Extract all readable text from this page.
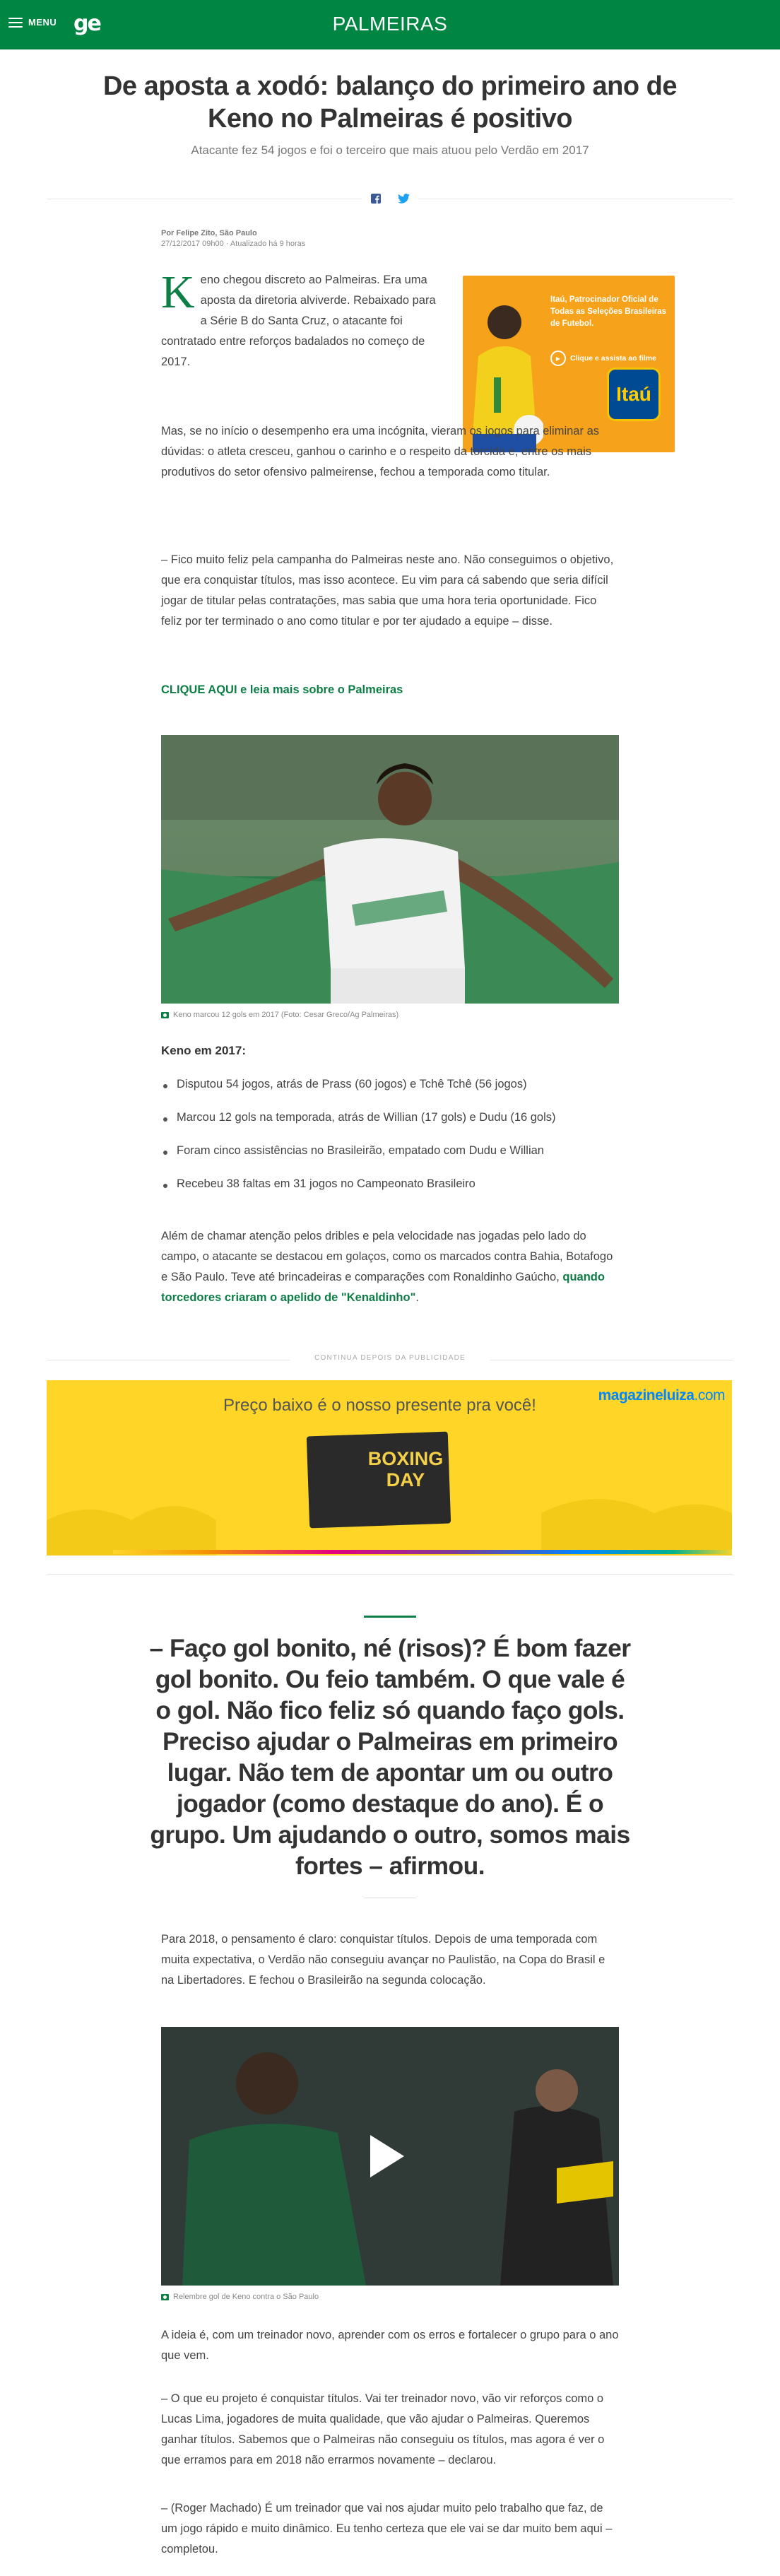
MENU ge	PALMEIRAS
De aposta a xodó: balanço do primeiro ano de Keno no Palmeiras é positivo
Atacante fez 54 jogos e foi o terceiro que mais atuou pelo Verdão em 2017
Por Felipe Zito, São Paulo
27/12/2017 09h00 · Atualizado há 9 horas
Keno chegou discreto ao Palmeiras. Era uma aposta da diretoria alviverde. Rebaixado para a Série B do Santa Cruz, o atacante foi contratado entre reforços badalados no começo de 2017.
Itaú, Patrocinador Oficial de Todas as Seleções Brasileiras de Futebol.
▶	Clique e assista ao filme
Itaú
Mas, se no início o desempenho era uma incógnita, vieram os jogos para eliminar as dúvidas: o atleta cresceu, ganhou o carinho e o respeito da torcida e, entre os mais produtivos do setor ofensivo palmeirense, fechou a temporada como titular.
– Fico muito feliz pela campanha do Palmeiras neste ano. Não conseguimos o objetivo, que era conquistar títulos, mas isso acontece. Eu vim para cá sabendo que seria difícil jogar de titular pelas contratações, mas sabia que uma hora teria oportunidade. Fico feliz por ter terminado o ano como titular e por ter ajudado a equipe – disse.
CLIQUE AQUI e leia mais sobre o Palmeiras
Keno marcou 12 gols em 2017 (Foto: Cesar Greco/Ag Palmeiras)
Keno em 2017:
Disputou 54 jogos, atrás de Prass (60 jogos) e Tchê Tchê (56 jogos)
Marcou 12 gols na temporada, atrás de Willian (17 gols) e Dudu (16 gols)
Foram cinco assistências no Brasileirão, empatado com Dudu e Willian
Recebeu 38 faltas em 31 jogos no Campeonato Brasileiro
Além de chamar atenção pelos dribles e pela velocidade nas jogadas pelo lado do campo, o atacante se destacou em golaços, como os marcados contra Bahia, Botafogo e São Paulo. Teve até brincadeiras e comparações com Ronaldinho Gaúcho, quando torcedores criaram o apelido de "Kenaldinho".
CONTINUA DEPOIS DA PUBLICIDADE
Preço baixo é o nosso presente pra você!
magazineluiza.com
BOXING DAY
– Faço gol bonito, né (risos)? É bom fazer gol bonito. Ou feio também. O que vale é o gol. Não fico feliz só quando faço gols. Preciso ajudar o Palmeiras em primeiro lugar. Não tem de apontar um ou outro jogador (como destaque do ano). É o grupo. Um ajudando o outro, somos mais fortes – afirmou.
Para 2018, o pensamento é claro: conquistar títulos. Depois de uma temporada com muita expectativa, o Verdão não conseguiu avançar no Paulistão, na Copa do Brasil e na Libertadores. E fechou o Brasileirão na segunda colocação.
Relembre gol de Keno contra o São Paulo
A ideia é, com um treinador novo, aprender com os erros e fortalecer o grupo para o ano que vem.
– O que eu projeto é conquistar títulos. Vai ter treinador novo, vão vir reforços como o Lucas Lima, jogadores de muita qualidade, que vão ajudar o Palmeiras. Queremos ganhar títulos. Sabemos que o Palmeiras não conseguiu os títulos, mas agora é ver o que erramos para em 2018 não errarmos novamente – declarou.
– (Roger Machado) É um treinador que vai nos ajudar muito pelo trabalho que faz, de um jogo rápido e muito dinâmico. Eu tenho certeza que ele vai se dar muito bem aqui – completou.
